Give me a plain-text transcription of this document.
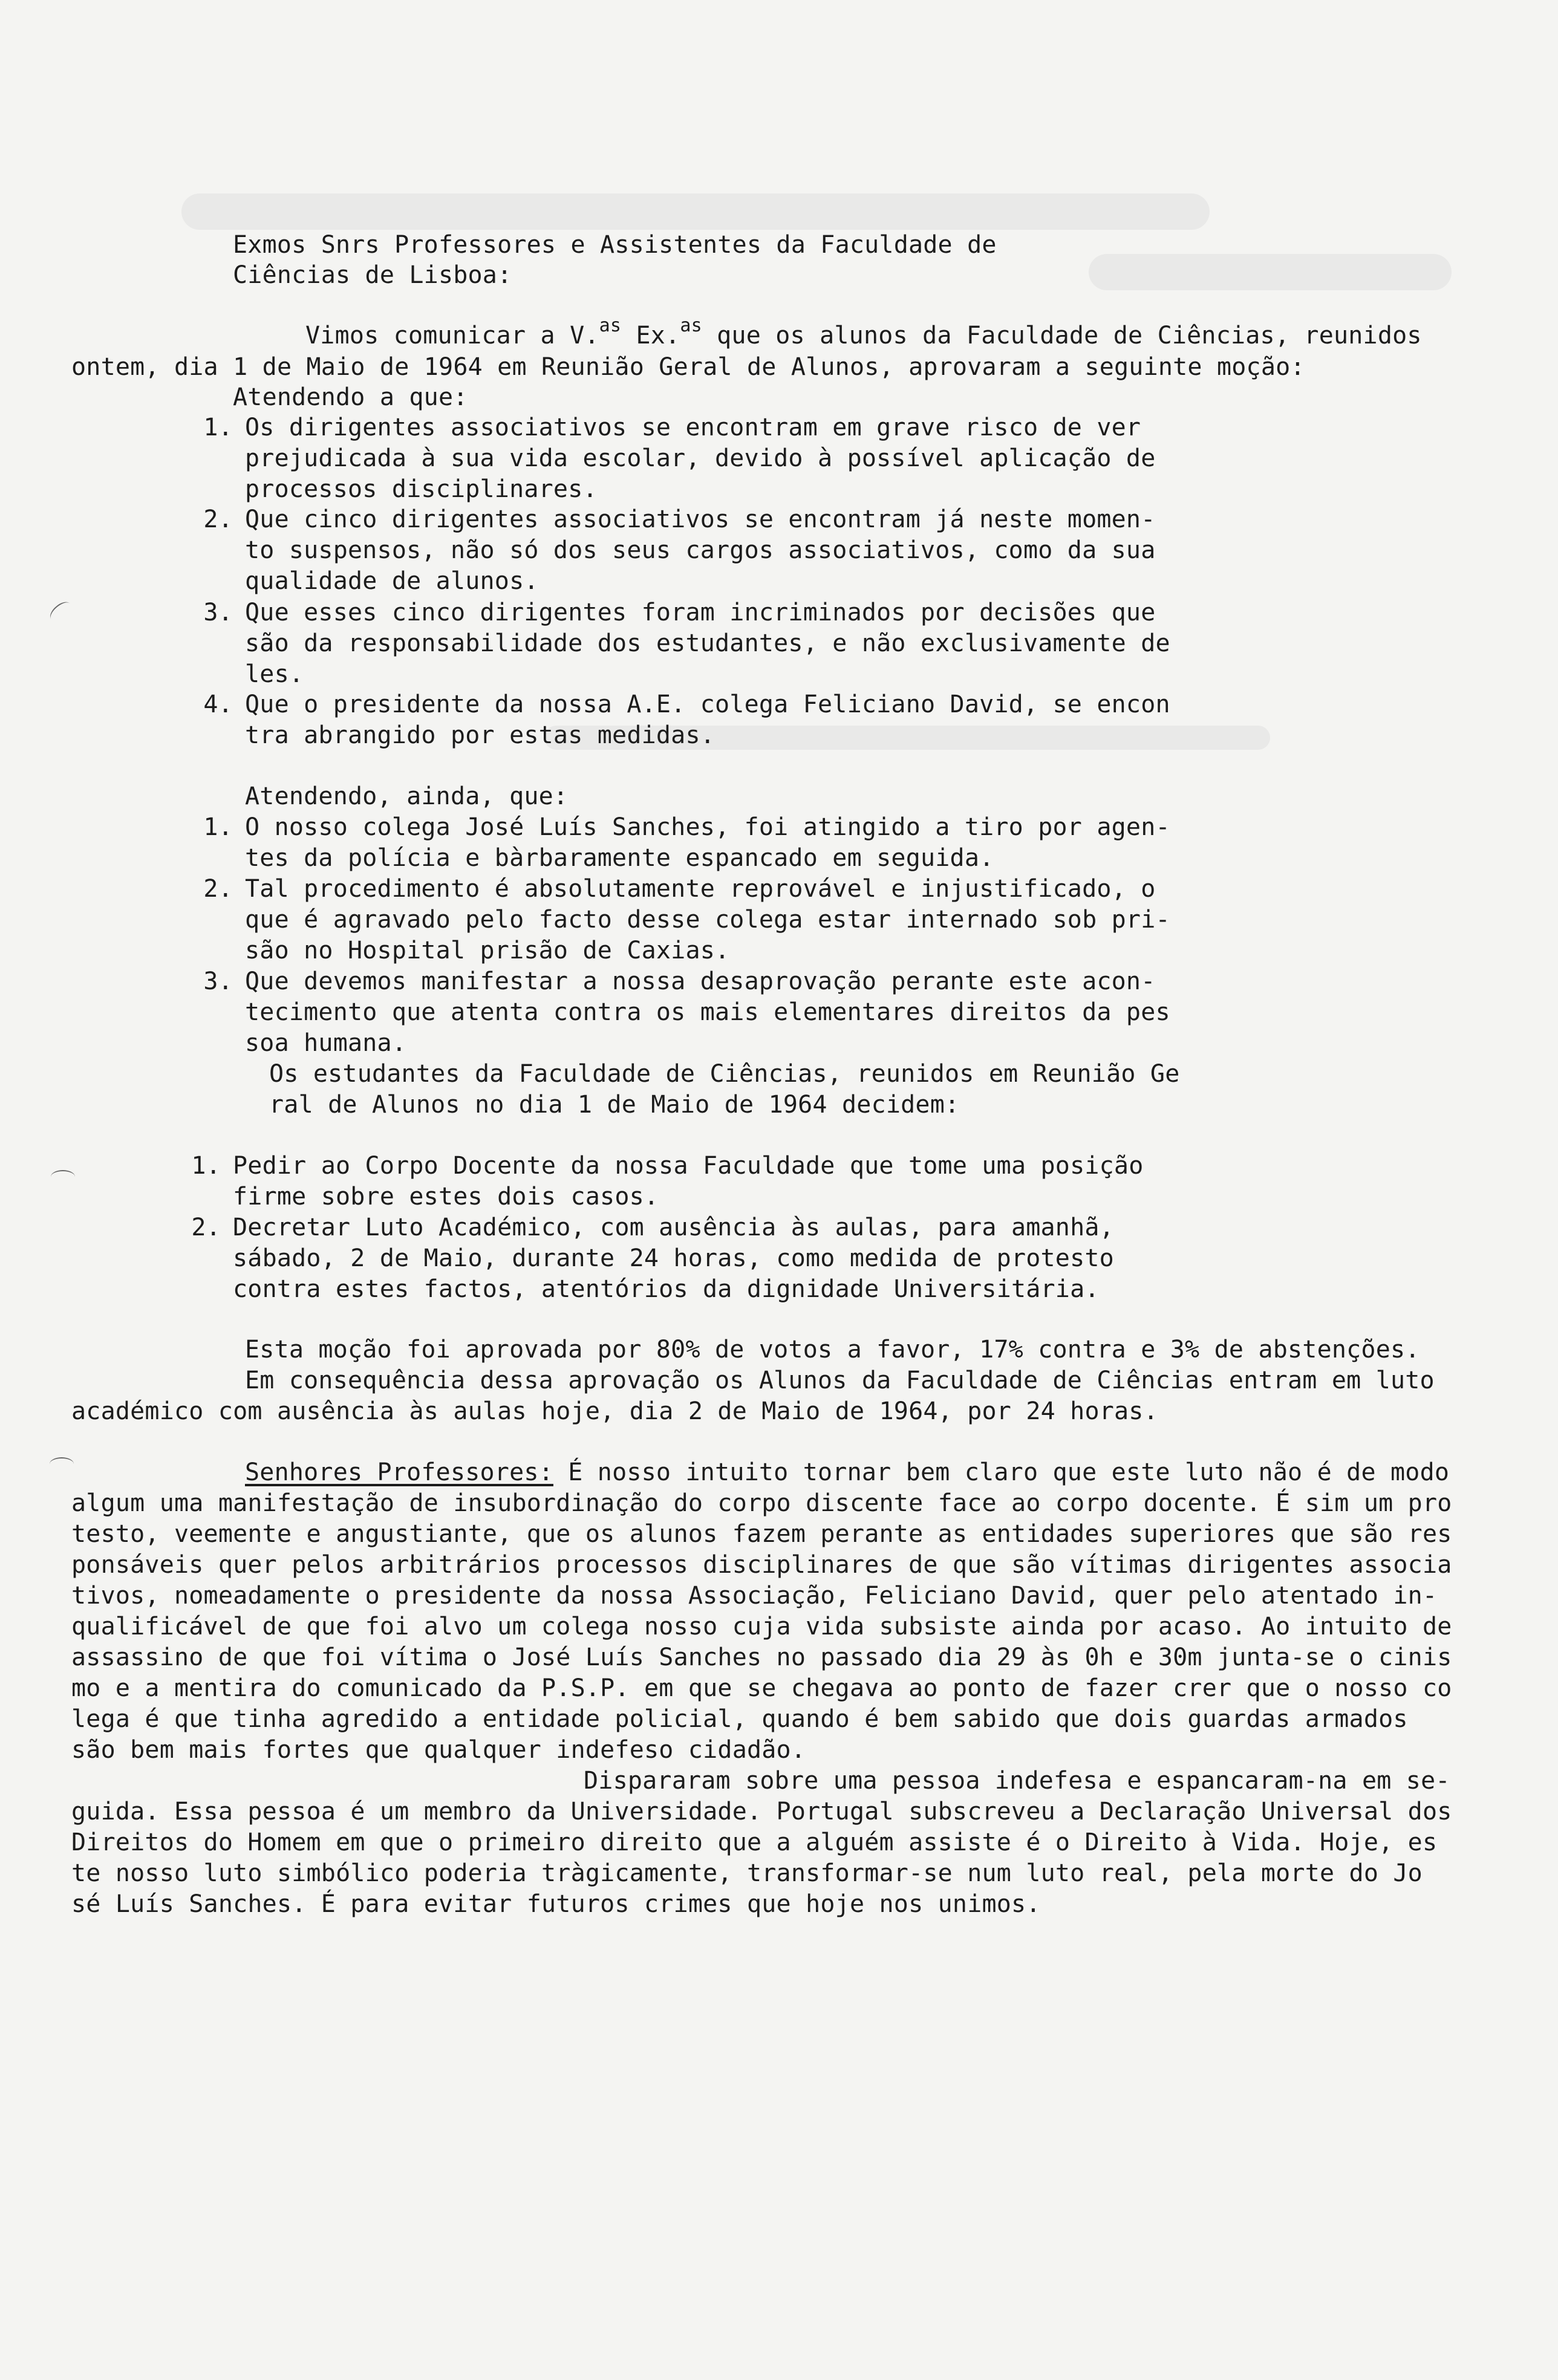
Exmos Snrs Professores e Assistentes da Faculdade de
Ciências de Lisboa:
Vimos comunicar a V.$^{as}$ Ex.$^{as}$ que os alunos da Faculdade de Ciências, reunidos
ontem, dia 1 de Maio de 1964 em Reunião Geral de Alunos, aprovaram a seguinte moção:
Atendendo a que:
1. Os dirigentes associativos se encontram em grave risco de ver
prejudicada à sua vida escolar, devido à possível aplicação de
processos disciplinares.
2. Que cinco dirigentes associativos se encontram já neste momen-
to suspensos, não só dos seus cargos associativos, como da sua
qualidade de alunos.
3. Que esses cinco dirigentes foram incriminados por decisões que
são da responsabilidade dos estudantes, e não exclusivamente de
les.
4. Que o presidente da nossa A.E. colega Feliciano David, se encon
tra abrangido por estas medidas.
Atendendo, ainda, que:
1. O nosso colega José Luís Sanches, foi atingido a tiro por agen-
tes da polícia e bàrbaramente espancado em seguida.
2. Tal procedimento é absolutamente reprovável e injustificado, o
que é agravado pelo facto desse colega estar internado sob pri-
são no Hospital prisão de Caxias.
3. Que devemos manifestar a nossa desaprovação perante este acon-
tecimento que atenta contra os mais elementares direitos da pes
soa humana.
Os estudantes da Faculdade de Ciências, reunidos em Reunião Ge
ral de Alunos no dia 1 de Maio de 1964 decidem:
1. Pedir ao Corpo Docente da nossa Faculdade que tome uma posição
firme sobre estes dois casos.
2. Decretar Luto Académico, com ausência às aulas, para amanhã,
sábado, 2 de Maio, durante 24 horas, como medida de protesto
contra estes factos, atentórios da dignidade Universitária.
Esta moção foi aprovada por 80% de votos a favor, 17% contra e 3% de abstenções.
Em consequência dessa aprovação os Alunos da Faculdade de Ciências entram em luto
académico com ausência às aulas hoje, dia 2 de Maio de 1964, por 24 horas.
Senhores Professores: É nosso intuito tornar bem claro que este luto não é de modo
algum uma manifestação de insubordinação do corpo discente face ao corpo docente. É sim um pro
testo, veemente e angustiante, que os alunos fazem perante as entidades superiores que são res
ponsáveis quer pelos arbitrários processos disciplinares de que são vítimas dirigentes associa
tivos, nomeadamente o presidente da nossa Associação, Feliciano David, quer pelo atentado in-
qualificável de que foi alvo um colega nosso cuja vida subsiste ainda por acaso. Ao intuito de
assassino de que foi vítima o José Luís Sanches no passado dia 29 às 0h e 30m junta-se o cinis
mo e a mentira do comunicado da P.S.P. em que se chegava ao ponto de fazer crer que o nosso co
lega é que tinha agredido a entidade policial, quando é bem sabido que dois guardas armados
são bem mais fortes que qualquer indefeso cidadão.
Dispararam sobre uma pessoa indefesa e espancaram-na em se-
guida. Essa pessoa é um membro da Universidade. Portugal subscreveu a Declaração Universal dos
Direitos do Homem em que o primeiro direito que a alguém assiste é o Direito à Vida. Hoje, es
te nosso luto simbólico poderia tràgicamente, transformar-se num luto real, pela morte do Jo
sé Luís Sanches. É para evitar futuros crimes que hoje nos unimos.
